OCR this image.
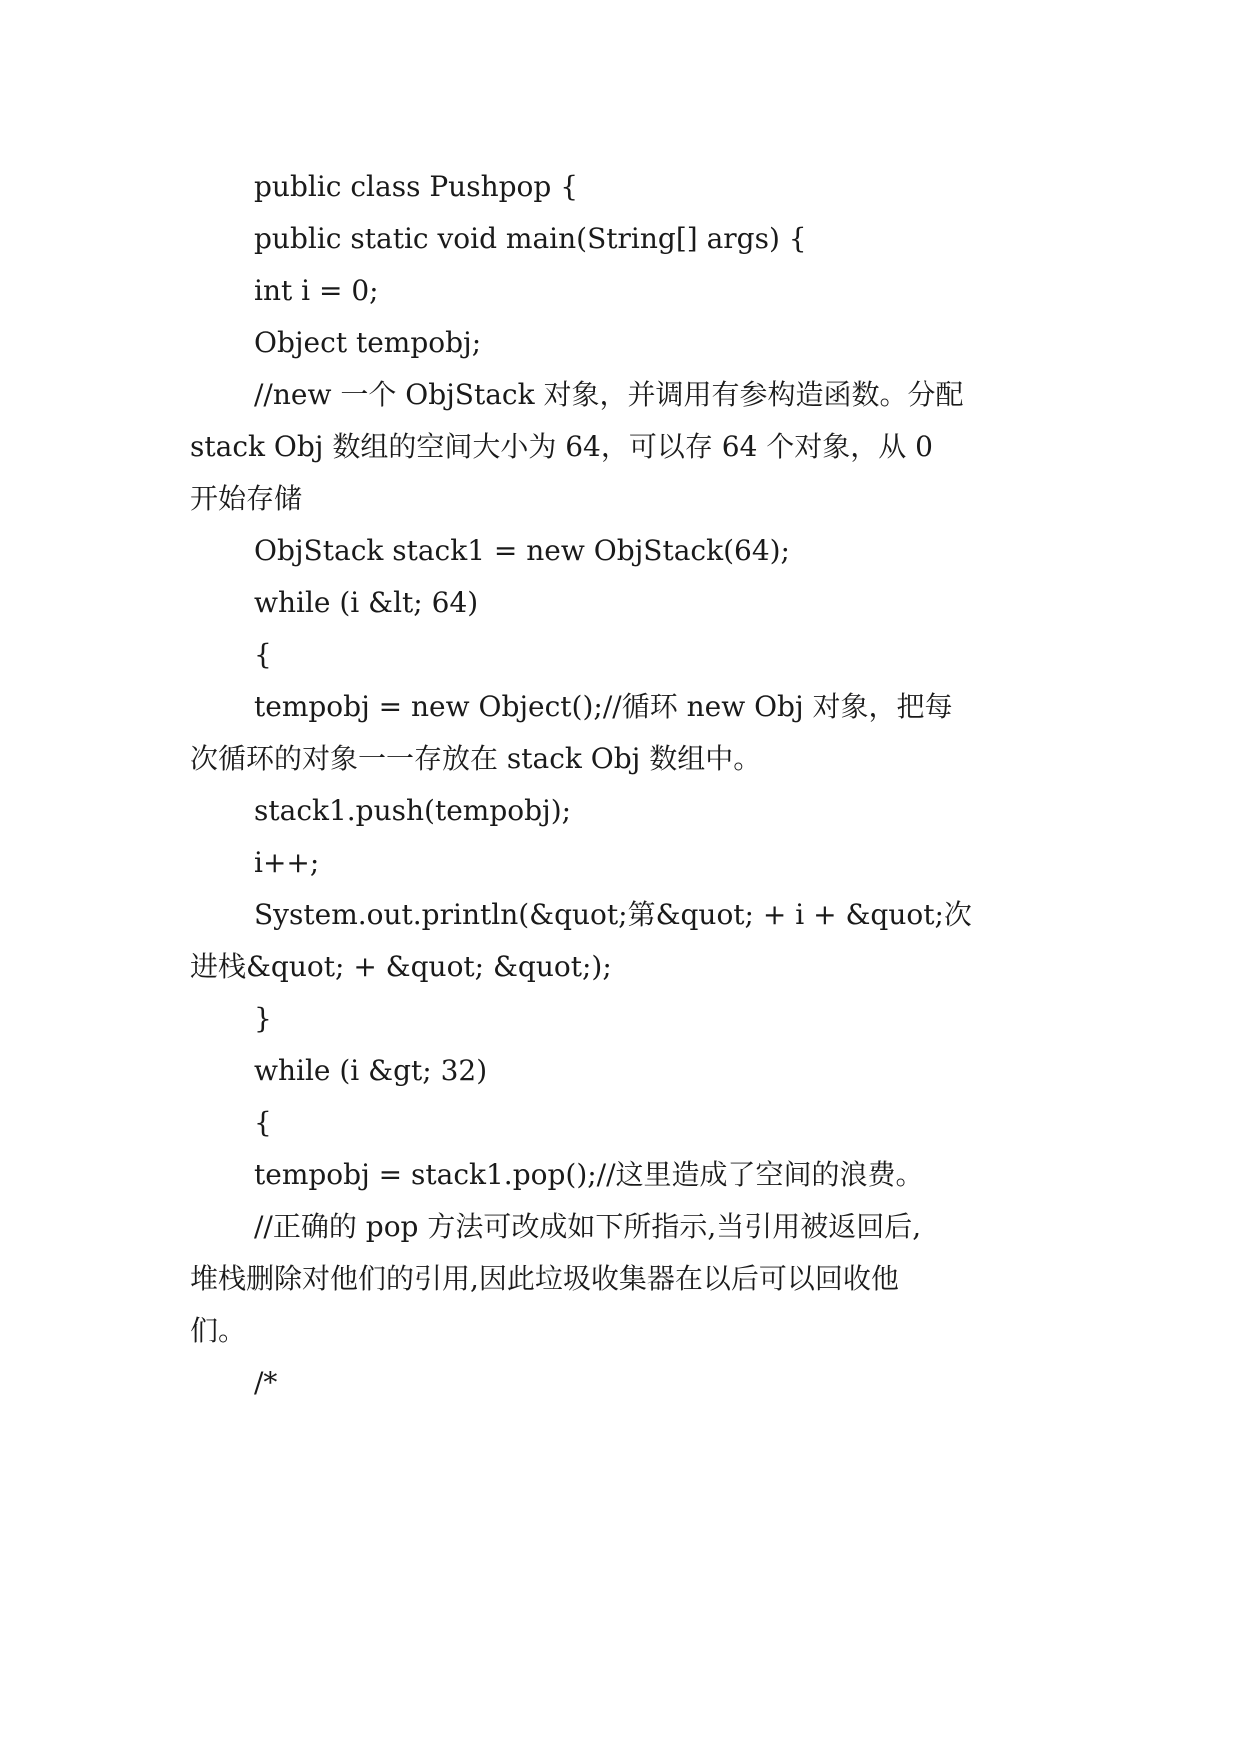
public class Pushpop {

public static void main(String[] args) {

int i = 0;

Object tempobj;

//new 一个 ObjStack 对象，并调用有参构造函数。分配

stack Obj 数组的空间大小为 64，可以存 64 个对象，从 0

开始存储

ObjStack stack1 = new ObjStack(64);

while (i &lt; 64)

{

tempobj = new Object();//循环 new Obj 对象，把每

次循环的对象一一存放在 stack Obj 数组中。

stack1.push(tempobj);

i++;

System.out.println(&quot;第&quot; + i + &quot;次

进栈&quot; + &quot; &quot;);

}

while (i &gt; 32)

{

tempobj = stack1.pop();//这里造成了空间的浪费。

//正确的 pop 方法可改成如下所指示,当引用被返回后,

堆栈删除对他们的引用,因此垃圾收集器在以后可以回收他

们。

/*
